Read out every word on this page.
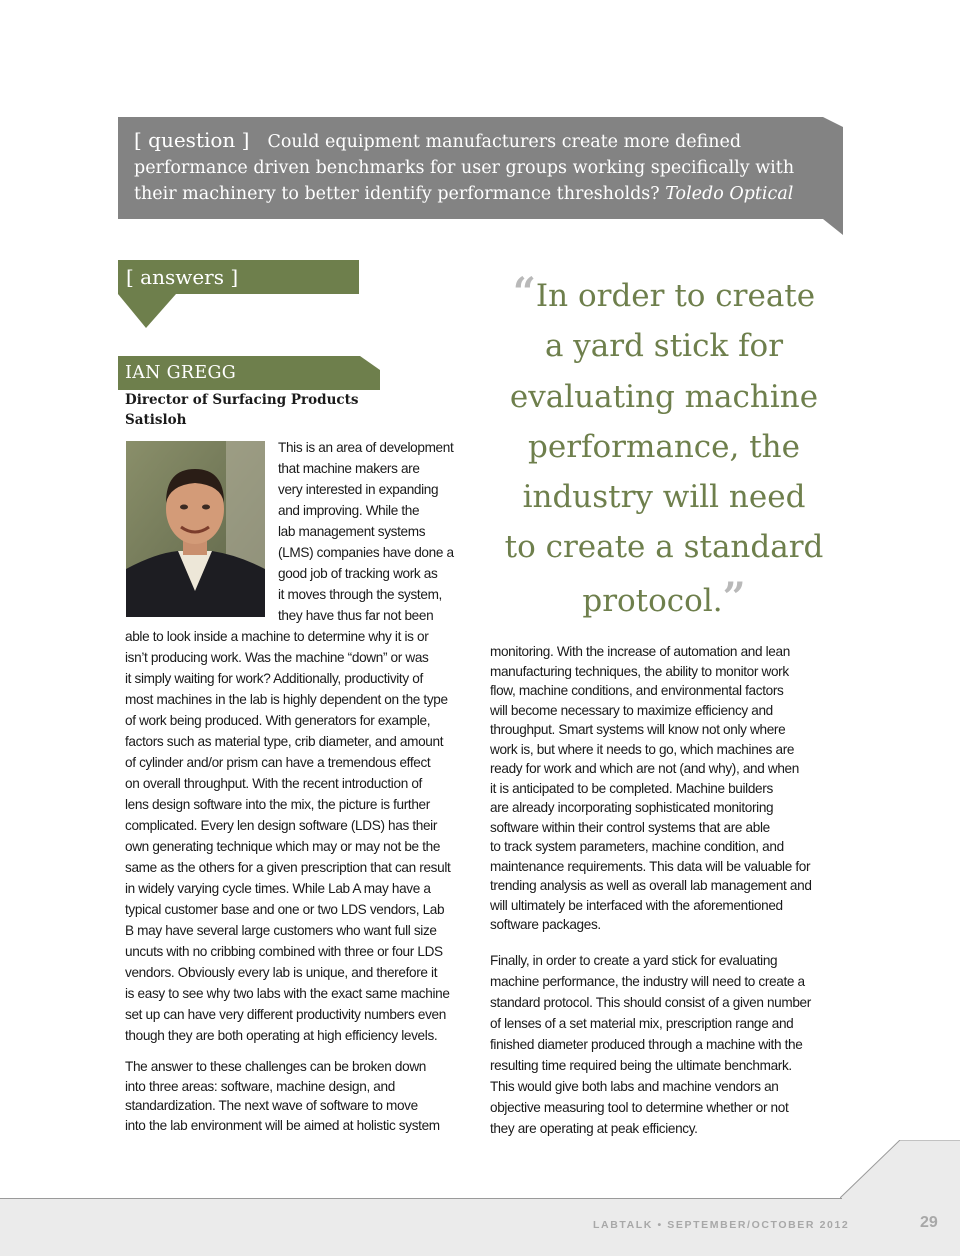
[ question ] Could equipment manufacturers create more defined performance driven benchmarks for user groups working specifically with their machinery to better identify performance thresholds? Toledo Optical
[ answers ]
IAN GREGG
Director of Surfacing Products
Satisloh
This is an area of development
that machine makers are
very interested in expanding
and improving. While the
lab management systems
(LMS) companies have done a
good job of tracking work as
it moves through the system,
they have thus far not been
able to look inside a machine to determine why it is or
isn’t producing work. Was the machine “down” or was
it simply waiting for work? Additionally, productivity of
most machines in the lab is highly dependent on the type
of work being produced. With generators for example,
factors such as material type, crib diameter, and amount
of cylinder and/or prism can have a tremendous effect
on overall throughput. With the recent introduction of
lens design software into the mix, the picture is further
complicated. Every len design software (LDS) has their
own generating technique which may or may not be the
same as the others for a given prescription that can result
in widely varying cycle times. While Lab A may have a
typical customer base and one or two LDS vendors, Lab
B may have several large customers who want full size
uncuts with no cribbing combined with three or four LDS
vendors. Obviously every lab is unique, and therefore it
is easy to see why two labs with the exact same machine
set up can have very different productivity numbers even
though they are both operating at high efficiency levels.
The answer to these challenges can be broken down
into three areas: software, machine design, and
standardization. The next wave of software to move
into the lab environment will be aimed at holistic system
“In order to create
a yard stick for
evaluating machine
performance, the
industry will need
to create a standard
protocol.”
monitoring. With the increase of automation and lean
manufacturing techniques, the ability to monitor work
flow, machine conditions, and environmental factors
will become necessary to maximize efficiency and
throughput. Smart systems will know not only where
work is, but where it needs to go, which machines are
ready for work and which are not (and why), and when
it is anticipated to be completed. Machine builders
are already incorporating sophisticated monitoring
software within their control systems that are able
to track system parameters, machine condition, and
maintenance requirements. This data will be valuable for
trending analysis as well as overall lab management and
will ultimately be interfaced with the aforementioned
software packages.
Finally, in order to create a yard stick for evaluating
machine performance, the industry will need to create a
standard protocol. This should consist of a given number
of lenses of a set material mix, prescription range and
finished diameter produced through a machine with the
resulting time required being the ultimate benchmark.
This would give both labs and machine vendors an
objective measuring tool to determine whether or not
they are operating at peak efficiency.
LABTALK • SEPTEMBER/OCTOBER 2012	29
